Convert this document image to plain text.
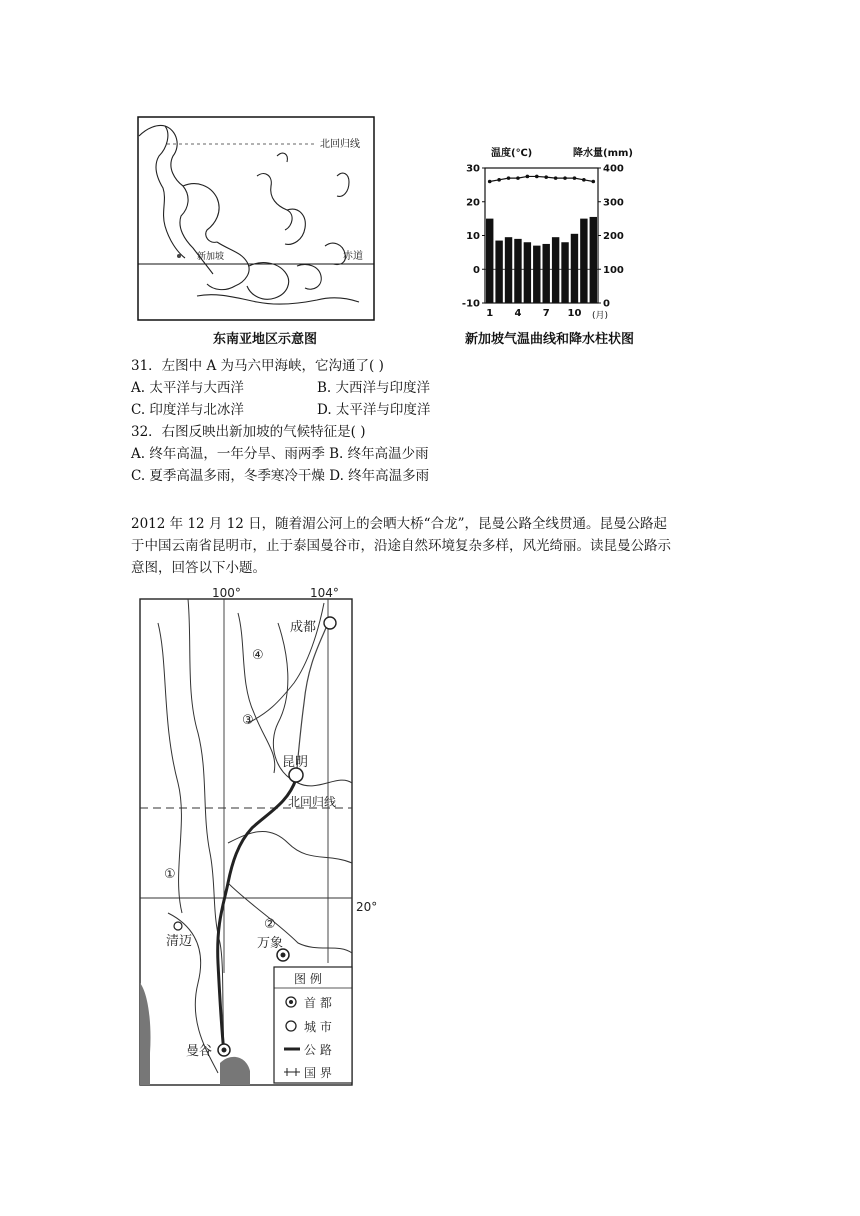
北回归线
赤道
新加坡
东南亚地区示意图
温度(℃)	降水量(mm)
30
20
10
0
-10
400
300
200
100
0
1 4 7 10 (月)
新加坡气温曲线和降水柱状图
31．左图中 A 为马六甲海峡，它沟通了( )
A. 太平洋与大西洋	B. 大西洋与印度洋
C. 印度洋与北冰洋	D. 太平洋与印度洋
32．右图反映出新加坡的气候特征是( )
A. 终年高温，一年分旱、雨两季 B. 终年高温少雨
C. 夏季高温多雨，冬季寒冷干燥 D. 终年高温多雨
2012 年 12 月 12 日，随着湄公河上的会晒大桥“合龙”，昆曼公路全线贯通。昆曼公路起
于中国云南省昆明市，止于泰国曼谷市，沿途自然环境复杂多样，风光绮丽。读昆曼公路示
意图，回答以下小题。
100°	104°
成都
昆明
北回归线
20°
清迈	万象
曼谷
①
②
③
④
图 例
首 都
城 市
公 路
国 界
